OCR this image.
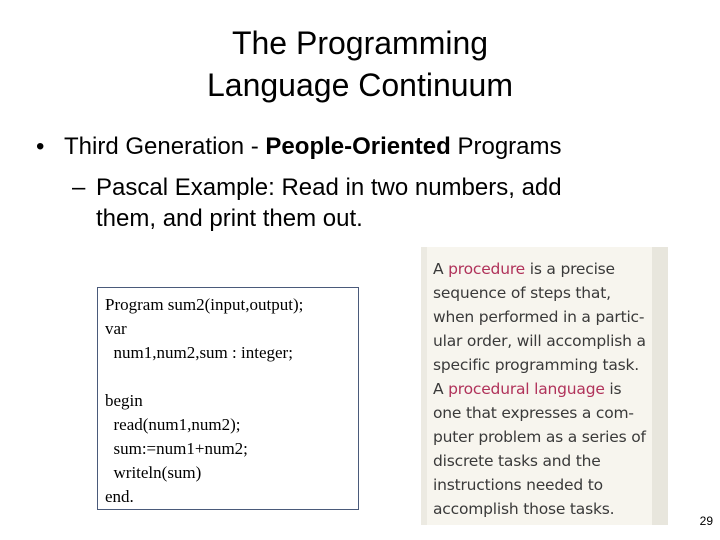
The Programming
Language Continuum
• Third Generation - People-Oriented Programs
– Pascal Example: Read in two numbers, add
them, and print them out.
Program sum2(input,output);
var
num1,num2,sum : integer;

begin
read(num1,num2);
sum:=num1+num2;
writeln(sum)
end.
A procedure is a precise
sequence of steps that,
when performed in a partic-
ular order, will accomplish a
specific programming task.
A procedural language is
one that expresses a com-
puter problem as a series of
discrete tasks and the
instructions needed to
accomplish those tasks.
29
